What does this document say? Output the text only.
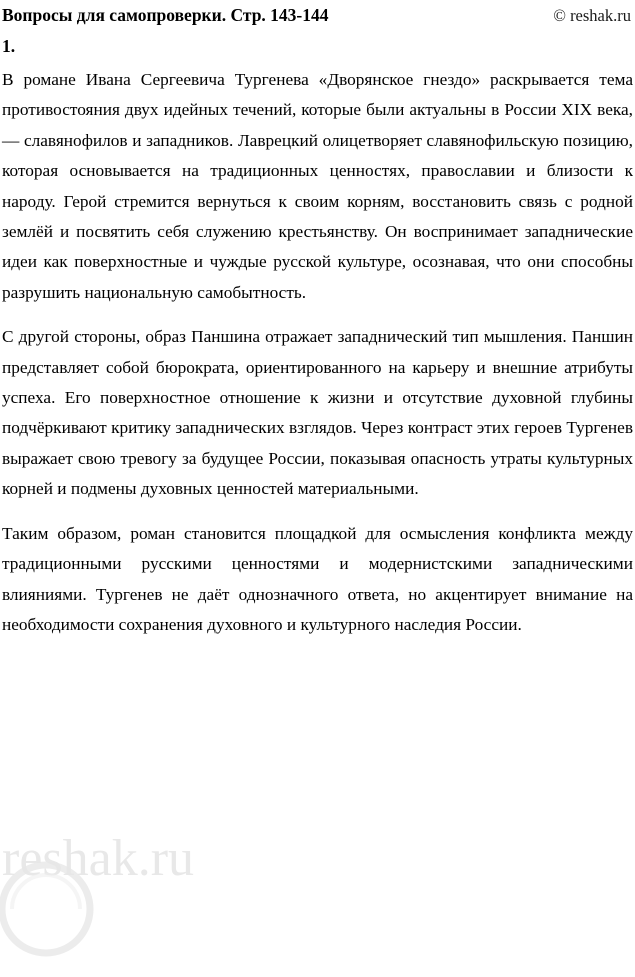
Вопросы для самопроверки. Стр. 143-144	© reshak.ru
1.

В романе Ивана Сергеевича Тургенева «Дворянское гнездо» раскрывается тема противостояния двух идейных течений, которые были актуальны в России XIX века, — славянофилов и западников. Лаврецкий олицетворяет славянофильскую позицию, которая основывается на традиционных ценностях, православии и близости к народу. Герой стремится вернуться к своим корням, восстановить связь с родной землёй и посвятить себя служению крестьянству. Он воспринимает западнические идеи как поверхностные и чуждые русской культуре, осознавая, что они способны разрушить национальную самобытность.

С другой стороны, образ Паншина отражает западнический тип мышления. Паншин представляет собой бюрократа, ориентированного на карьеру и внешние атрибуты успеха. Его поверхностное отношение к жизни и отсутствие духовной глубины подчёркивают критику западнических взглядов. Через контраст этих героев Тургенев выражает свою тревогу за будущее России, показывая опасность утраты культурных корней и подмены духовных ценностей материальными.

Таким образом, роман становится площадкой для осмысления конфликта между традиционными русскими ценностями и модернистскими западническими влияниями. Тургенев не даёт однозначного ответа, но акцентирует внимание на необходимости сохранения духовного и культурного наследия России.

reshak.ru
